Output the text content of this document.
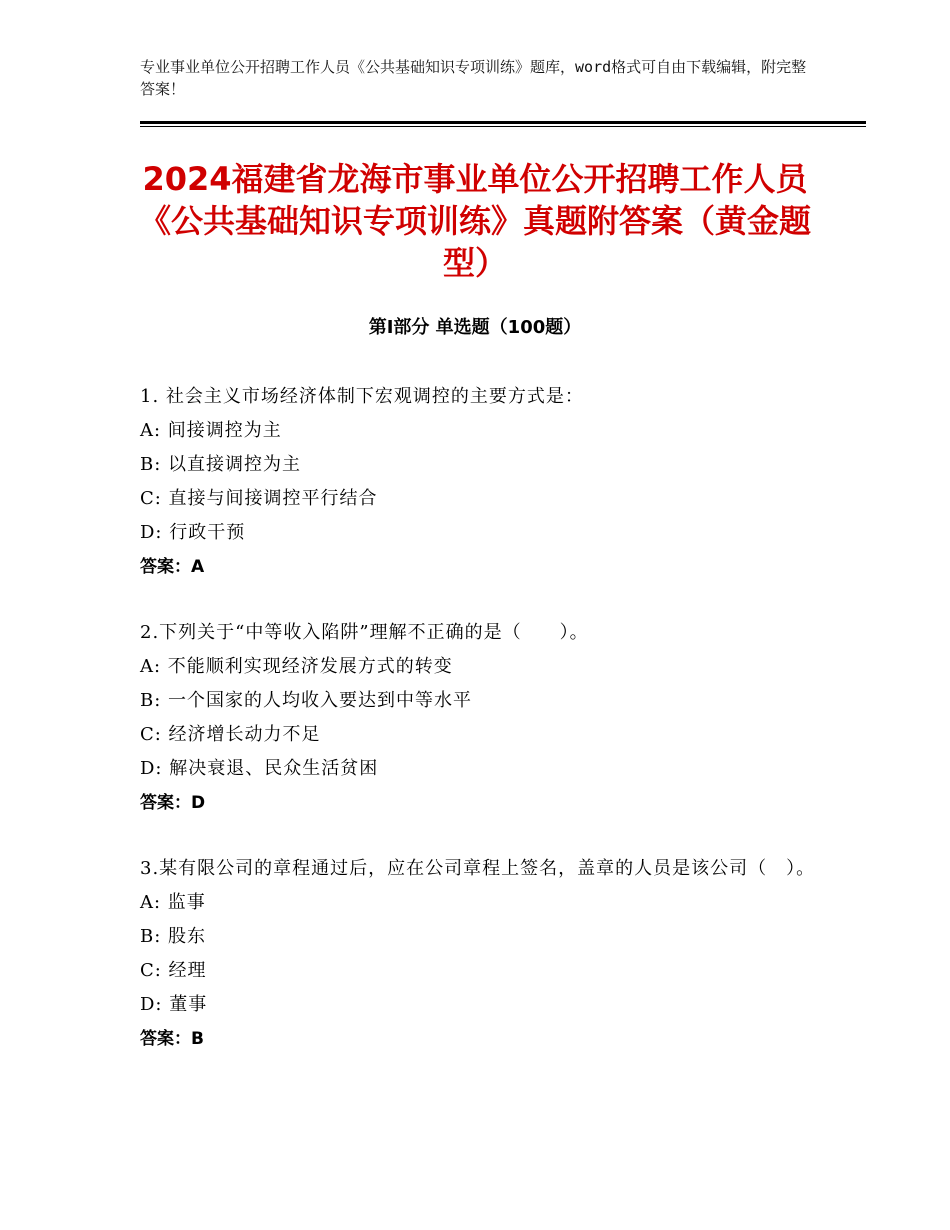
专业事业单位公开招聘工作人员《公共基础知识专项训练》题库，word格式可自由下载编辑，附完整答案！
2024福建省龙海市事业单位公开招聘工作人员《公共基础知识专项训练》真题附答案（黄金题型）
第Ⅰ部分 单选题（100题）

1. 社会主义市场经济体制下宏观调控的主要方式是：

A: 间接调控为主

B: 以直接调控为主

C: 直接与间接调控平行结合

D: 行政干预

答案：A

2.下列关于“中等收入陷阱”理解不正确的是（　　）。

A: 不能顺利实现经济发展方式的转变

B: 一个国家的人均收入要达到中等水平

C: 经济增长动力不足

D: 解决衰退、民众生活贫困

答案：D

3.某有限公司的章程通过后，应在公司章程上签名，盖章的人员是该公司（　）。

A: 监事

B: 股东

C: 经理

D: 董事

答案：B
